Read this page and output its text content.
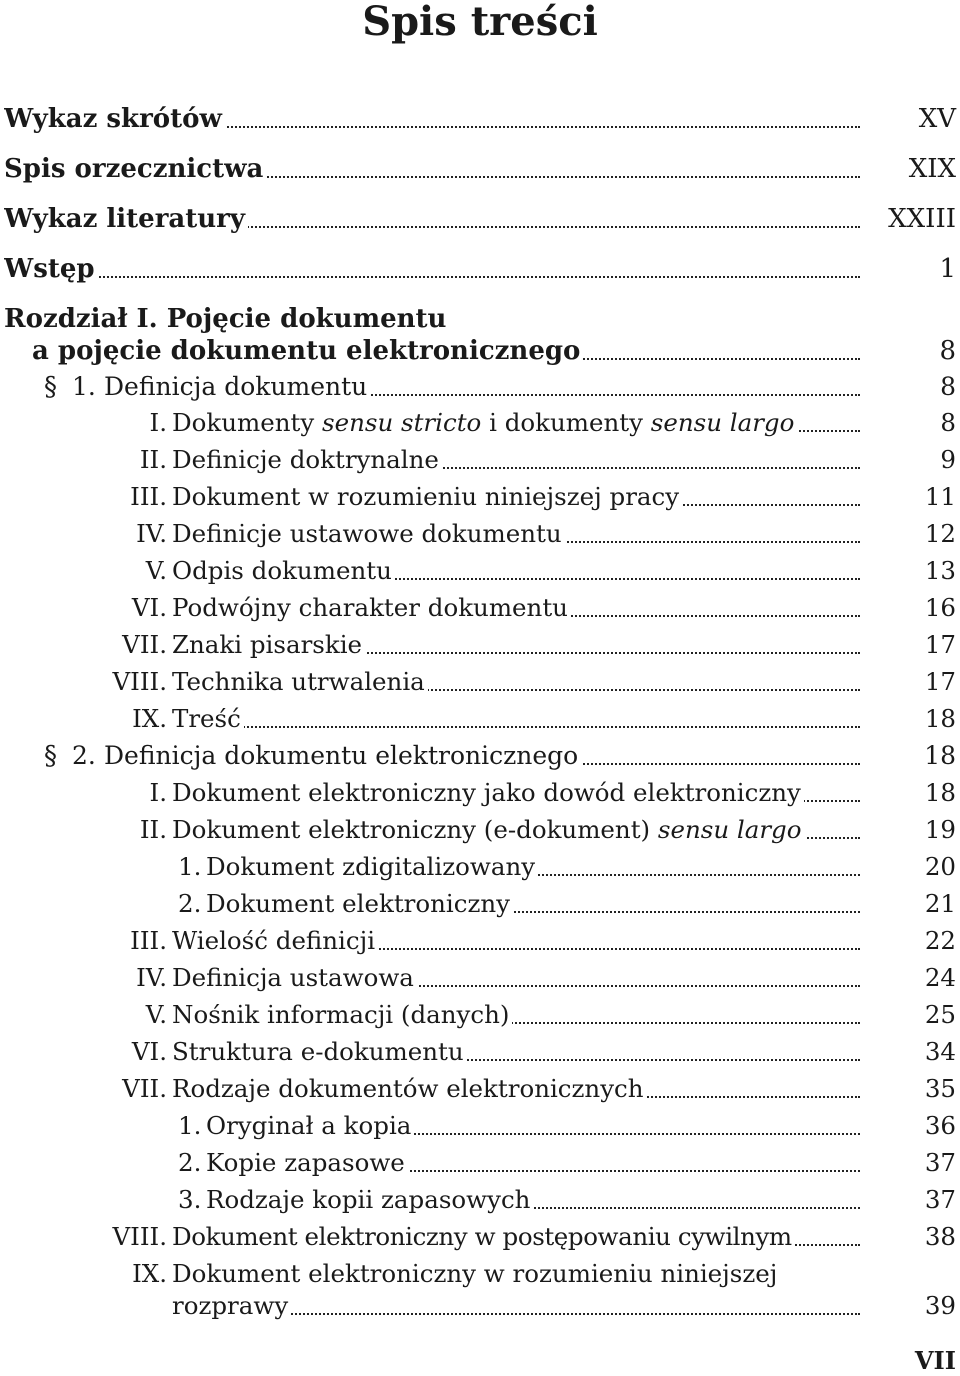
Spis treści
Wykaz skrótów	XV
Spis orzecznictwa	XIX
Wykaz literatury	XXIII
Wstęp	1
Rozdział I. Pojęcie dokumentu
a pojęcie dokumentu elektronicznego	8
§ 1. Definicja dokumentu	8
I. Dokumenty sensu stricto i dokumenty sensu largo	8
II. Definicje doktrynalne	9
III. Dokument w rozumieniu niniejszej pracy	11
IV. Definicje ustawowe dokumentu	12
V. Odpis dokumentu	13
VI. Podwójny charakter dokumentu	16
VII. Znaki pisarskie	17
VIII. Technika utrwalenia	17
IX. Treść	18
§ 2. Definicja dokumentu elektronicznego	18
I. Dokument elektroniczny jako dowód elektroniczny	18
II. Dokument elektroniczny (e-dokument) sensu largo	19
1. Dokument zdigitalizowany	20
2. Dokument elektroniczny	21
III. Wielość definicji	22
IV. Definicja ustawowa	24
V. Nośnik informacji (danych)	25
VI. Struktura e-dokumentu	34
VII. Rodzaje dokumentów elektronicznych	35
1. Oryginał a kopia	36
2. Kopie zapasowe	37
3. Rodzaje kopii zapasowych	37
VIII. Dokument elektroniczny w postępowaniu cywilnym	38
IX. Dokument elektroniczny w rozumieniu niniejszej
rozprawy	39
VII
